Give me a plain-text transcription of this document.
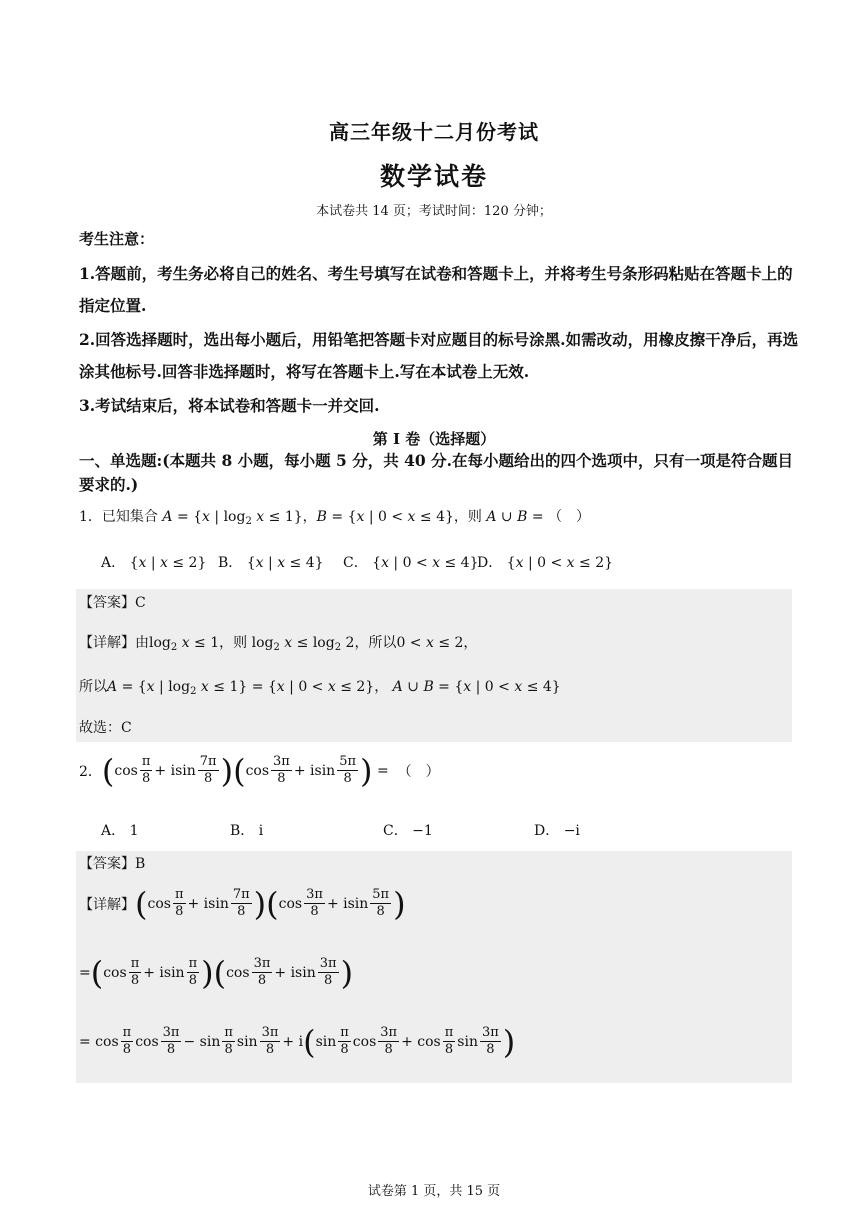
高三年级十二月份考试
数学试卷
本试卷共 14 页；考试时间：120 分钟；
考生注意：
1.答题前，考生务必将自己的姓名、考生号填写在试卷和答题卡上，并将考生号条形码粘贴在答题卡上的指定位置.
2.回答选择题时，选出每小题后，用铅笔把答题卡对应题目的标号涂黑.如需改动，用橡皮擦干净后，再选涂其他标号.回答非选择题时，将写在答题卡上.写在本试卷上无效.
3.考试结束后，将本试卷和答题卡一并交回.
第 I 卷（选择题）
一、单选题:(本题共 8 小题，每小题 5 分，共 40 分.在每小题给出的四个选项中，只有一项是符合题目要求的.)
1．已知集合 A = {x | $\log_2 x \le 1$}，B = {x | 0 < x ≤ 4}，则 A ∪ B = （　）
A． {x | x ≤ 2} B． {x | x ≤ 4} C． {x | 0 < x ≤ 4}
D． {x | 0 < x ≤ 2}
【答案】C
【详解】由$\log_2 x \le 1$，则 $\log_2 x \le \log_2 2$，所以0 < x ≤ 2，
所以A = {x | $\log_2 x \le 1\} = \{x$ | 0 < x ≤ 2}， A ∪ B = {x | 0 < x ≤ 4}
故选：C
2． ( $\cos \frac{\pi}{8} + isin \frac{7\pi}{8}$ ) ( $\cos \frac{3\pi}{8} + isin \frac{5\pi}{8}$ ) = （　）
A． 1	B． i	C． −1	D． −i
【答案】B
【详解】 ( $\cos \frac{\pi}{8} + isin \frac{7\pi}{8}$ ) ( $\cos \frac{3\pi}{8} + isin \frac{5\pi}{8}$ )
= ( $\cos \frac{\pi}{8} + isin \frac{\pi}{8}$ ) ( $\cos \frac{3\pi}{8} + isin \frac{3\pi}{8}$ )
= $\cos \frac{\pi}{8}$ $\cos \frac{3\pi}{8} - \sin \frac{\pi}{8}$ $\sin \frac{3\pi}{8} + i$ ( $\sin \frac{\pi}{8}$ $\cos \frac{3\pi}{8} + \cos \frac{\pi}{8}$ $\sin \frac{3\pi}{8}$ )
试卷第 1 页，共 15 页
